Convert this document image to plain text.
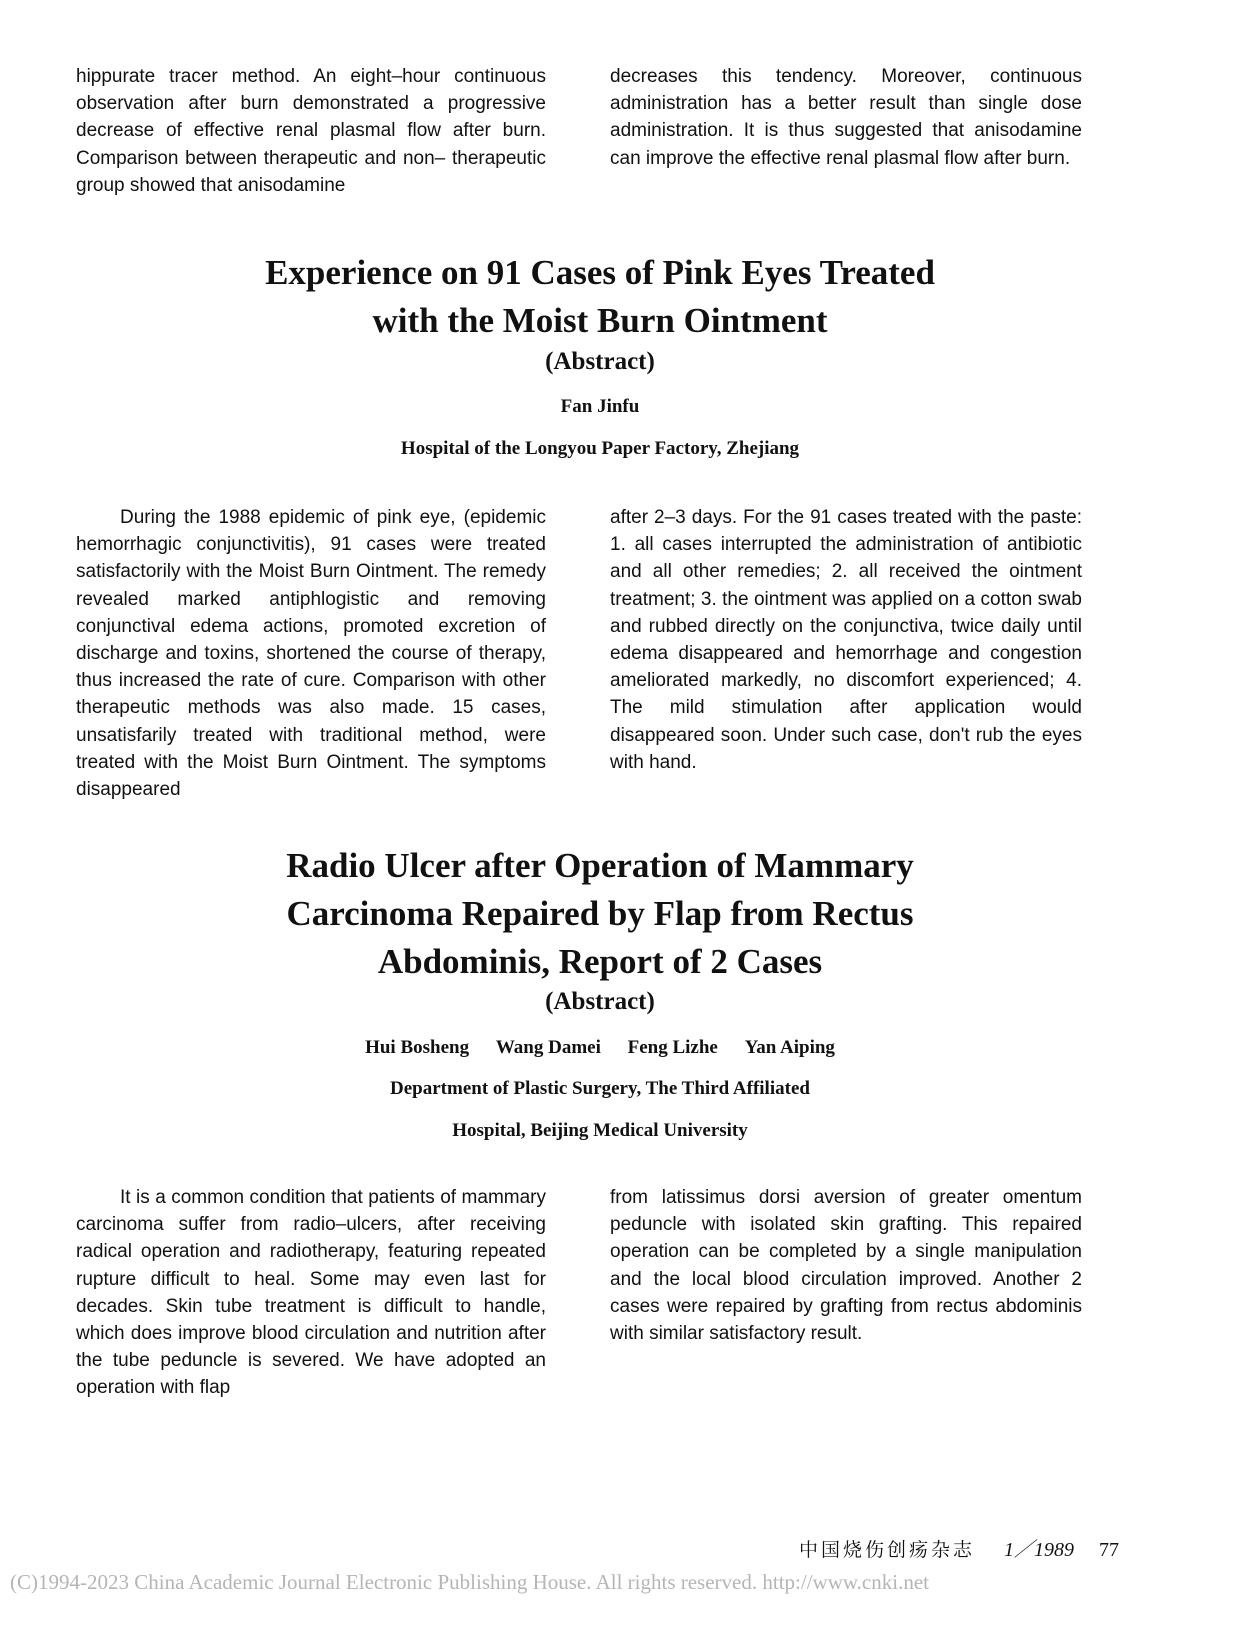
hippurate tracer method. An eight–hour continuous observation after burn demonstrated a progressive decrease of effective renal plasmal flow after burn. Comparison between therapeutic and non– therapeutic group showed that anisodamine

decreases this tendency. Moreover, continuous administration has a better result than single dose administration. It is thus suggested that anisodamine can improve the effective renal plasmal flow after burn.

Experience on 91 Cases of Pink Eyes Treated
with the Moist Burn Ointment
(Abstract)
Fan Jinfu
Hospital of the Longyou Paper Factory, Zhejiang

During the 1988 epidemic of pink eye, (epidemic hemorrhagic conjunctivitis), 91 cases were treated satisfactorily with the Moist Burn Ointment. The remedy revealed marked antiphlogistic and removing conjunctival edema actions, promoted excretion of discharge and toxins, shortened the course of therapy, thus increased the rate of cure. Comparison with other therapeutic methods was also made. 15 cases, unsatisfarily treated with traditional method, were treated with the Moist Burn Ointment. The symptoms disappeared

after 2–3 days. For the 91 cases treated with the paste: 1. all cases interrupted the administration of antibiotic and all other remedies; 2. all received the ointment treatment; 3. the ointment was applied on a cotton swab and rubbed directly on the conjunctiva, twice daily until edema disappeared and hemorrhage and congestion ameliorated markedly, no discomfort experienced; 4. The mild stimulation after application would disappeared soon. Under such case, don't rub the eyes with hand.

Radio Ulcer after Operation of Mammary
Carcinoma Repaired by Flap from Rectus
Abdominis, Report of 2 Cases
(Abstract)
Hui Bosheng Wang Damei Feng Lizhe Yan Aiping
Department of Plastic Surgery, The Third Affiliated
Hospital, Beijing Medical University

It is a common condition that patients of mammary carcinoma suffer from radio–ulcers, after receiving radical operation and radiotherapy, featuring repeated rupture difficult to heal. Some may even last for decades. Skin tube treatment is difficult to handle, which does improve blood circulation and nutrition after the tube peduncle is severed. We have adopted an operation with flap

from latissimus dorsi aversion of greater omentum peduncle with isolated skin grafting. This repaired operation can be completed by a single manipulation and the local blood circulation improved. Another 2 cases were repaired by grafting from rectus abdominis with similar satisfactory result.

中国烧伤创疡杂志 1／1989 77
(C)1994-2023 China Academic Journal Electronic Publishing House. All rights reserved. http://www.cnki.net
